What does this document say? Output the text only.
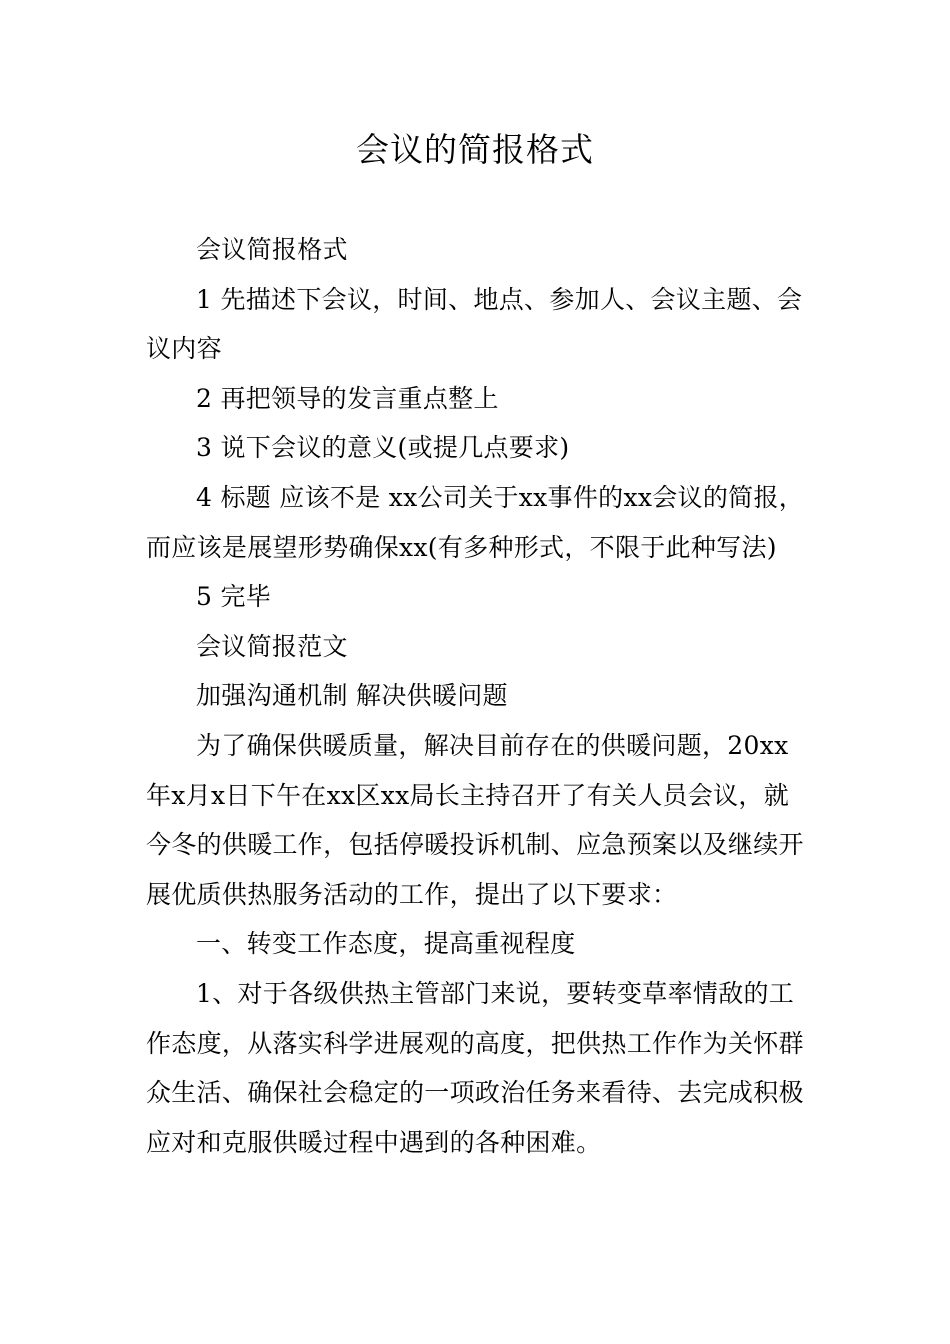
会议的简报格式

会议简报格式

1 先描述下会议，时间、地点、参加人、会议主题、会议内容

2 再把领导的发言重点整上

3 说下会议的意义(或提几点要求)

4 标题 应该不是 xx公司关于xx事件的xx会议的简报，而应该是展望形势确保xx(有多种形式，不限于此种写法)

5 完毕

会议简报范文

加强沟通机制 解决供暖问题

为了确保供暖质量，解决目前存在的供暖问题，20xx年x月x日下午在xx区xx局长主持召开了有关人员会议，就今冬的供暖工作，包括停暖投诉机制、应急预案以及继续开展优质供热服务活动的工作，提出了以下要求：

一、转变工作态度，提高重视程度

1、对于各级供热主管部门来说，要转变草率情敌的工作态度，从落实科学进展观的高度，把供热工作作为关怀群众生活、确保社会稳定的一项政治任务来看待、去完成积极应对和克服供暖过程中遇到的各种困难。
